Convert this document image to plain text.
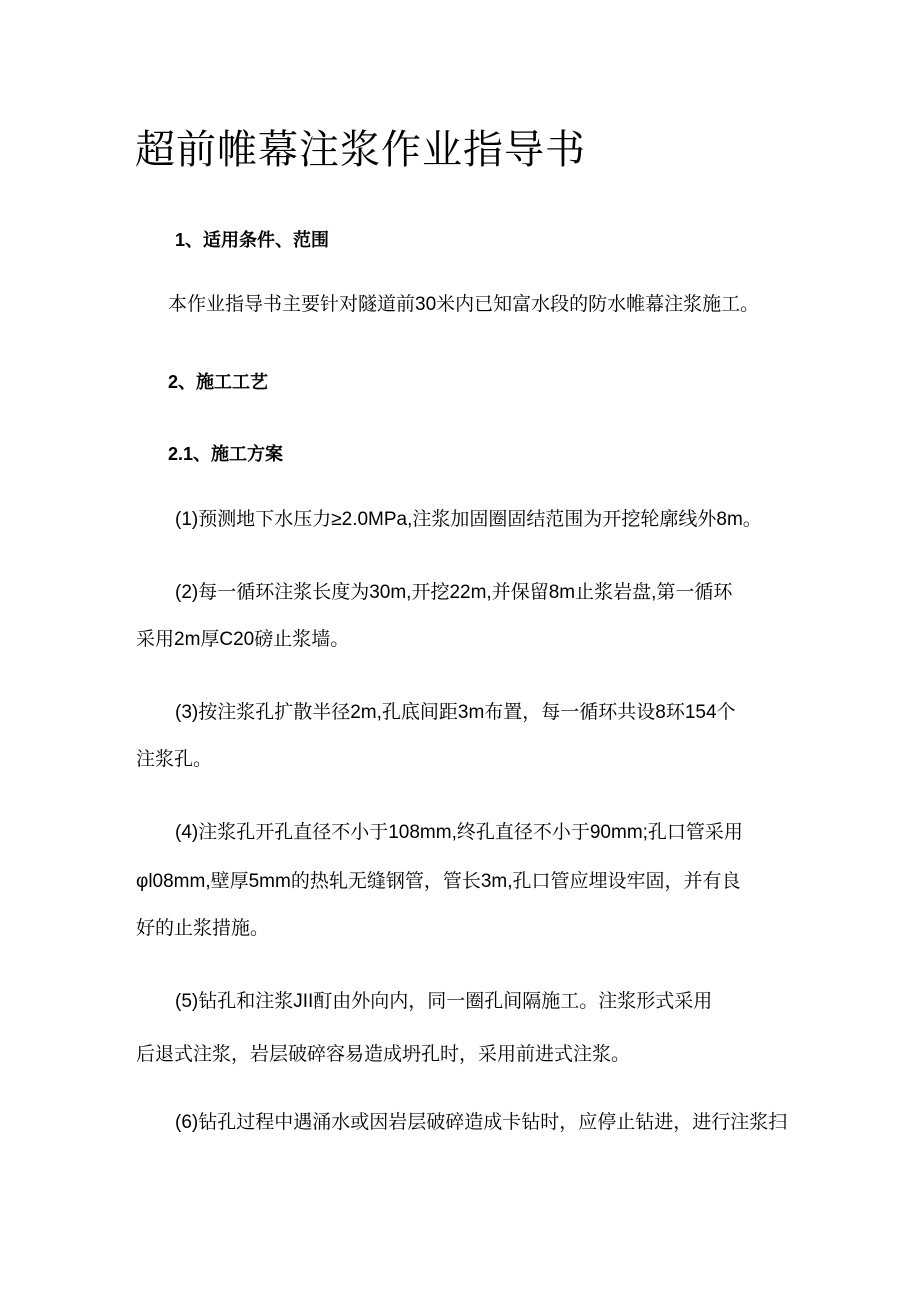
超前帷幕注浆作业指导书
1、适用条件、范围
本作业指导书主要针对隧道前30米内已知富水段的防水帷幕注浆施工。
2、施工工艺
2.1、施工方案
(1)预测地下水压力≥2.0MPa,注浆加固圈固结范围为开挖轮廓线外8m。
(2)每一循环注浆长度为30m,开挖22m,并保留8m止浆岩盘,第一循环
采用2m厚C20磅止浆墙。
(3)按注浆孔扩散半径2m,孔底间距3m布置，每一循环共设8环154个
注浆孔。
(4)注浆孔开孔直径不小于108mm,终孔直径不小于90mm;孔口管采用
φl08mm,壁厚5mm的热轧无缝钢管，管长3m,孔口管应埋设牢固，并有良
好的止浆措施。
(5)钻孔和注浆JII酊由外向内，同一圈孔间隔施工。注浆形式采用
后退式注浆，岩层破碎容易造成坍孔时，采用前进式注浆。
(6)钻孔过程中遇涌水或因岩层破碎造成卡钻时，应停止钻进，进行注浆扫
